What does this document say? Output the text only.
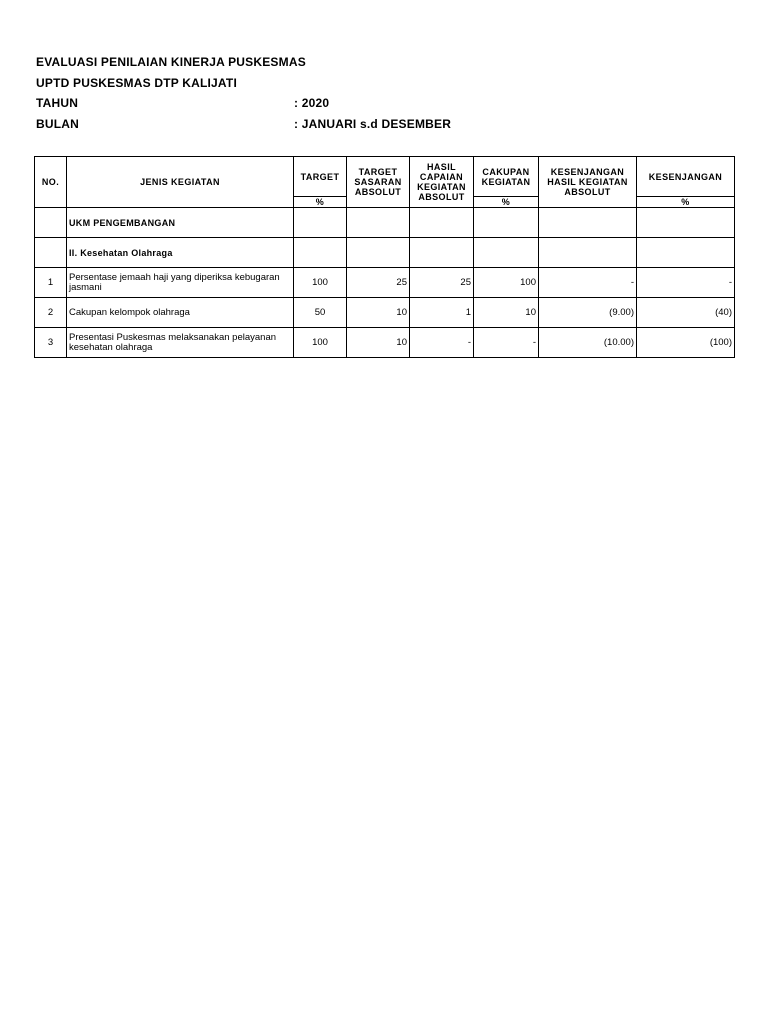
EVALUASI PENILAIAN KINERJA PUSKESMAS
UPTD PUSKESMAS DTP KALIJATI
TAHUN	: 2020
BULAN	: JANUARI s.d DESEMBER
NO.	JENIS KEGIATAN	TARGET	TARGET SASARAN ABSOLUT	HASIL CAPAIAN KEGIATAN ABSOLUT	CAKUPAN KEGIATAN	KESENJANGAN HASIL KEGIATAN ABSOLUT	KESENJANGAN
		%			%		%
	UKM PENGEMBANGAN						
	II. Kesehatan Olahraga						
1	Persentase jemaah haji yang diperiksa kebugaran jasmani	100	25	25	100	-	-
2	Cakupan kelompok olahraga	50	10	1	10	(9.00)	(40)
3	Presentasi Puskesmas melaksanakan pelayanan kesehatan olahraga	100	10	-	-	(10.00)	(100)
